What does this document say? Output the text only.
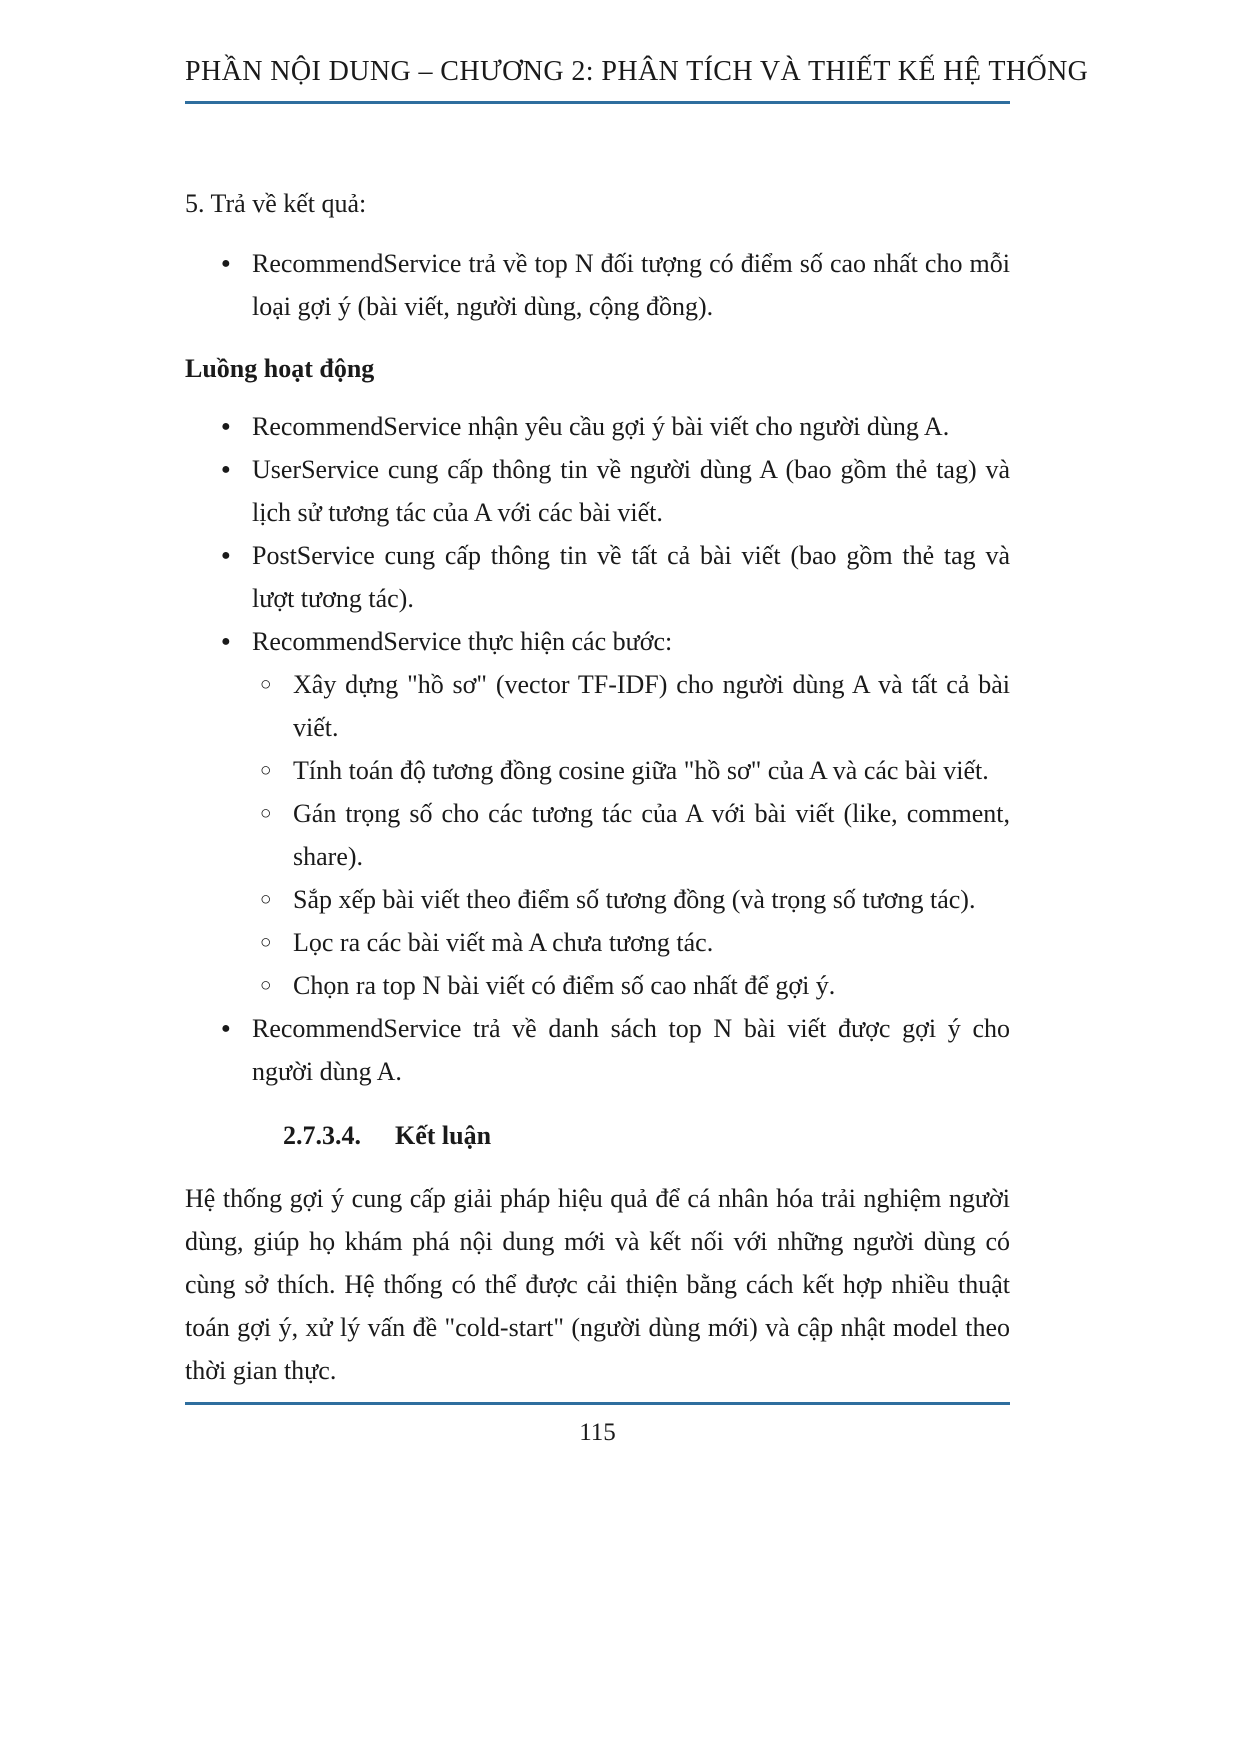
PHẦN NỘI DUNG – CHƯƠNG 2: PHÂN TÍCH VÀ THIẾT KẾ HỆ THỐNG

5. Trả về kết quả:

● RecommendService trả về top N đối tượng có điểm số cao nhất cho mỗi loại gợi ý (bài viết, người dùng, cộng đồng).

Luồng hoạt động

● RecommendService nhận yêu cầu gợi ý bài viết cho người dùng A.
● UserService cung cấp thông tin về người dùng A (bao gồm thẻ tag) và lịch sử tương tác của A với các bài viết.
● PostService cung cấp thông tin về tất cả bài viết (bao gồm thẻ tag và lượt tương tác).
● RecommendService thực hiện các bước:
○ Xây dựng "hồ sơ" (vector TF-IDF) cho người dùng A và tất cả bài viết.
○ Tính toán độ tương đồng cosine giữa "hồ sơ" của A và các bài viết.
○ Gán trọng số cho các tương tác của A với bài viết (like, comment, share).
○ Sắp xếp bài viết theo điểm số tương đồng (và trọng số tương tác).
○ Lọc ra các bài viết mà A chưa tương tác.
○ Chọn ra top N bài viết có điểm số cao nhất để gợi ý.
● RecommendService trả về danh sách top N bài viết được gợi ý cho người dùng A.

2.7.3.4. Kết luận

Hệ thống gợi ý cung cấp giải pháp hiệu quả để cá nhân hóa trải nghiệm người dùng, giúp họ khám phá nội dung mới và kết nối với những người dùng có cùng sở thích. Hệ thống có thể được cải thiện bằng cách kết hợp nhiều thuật toán gợi ý, xử lý vấn đề "cold-start" (người dùng mới) và cập nhật model theo thời gian thực.

115
